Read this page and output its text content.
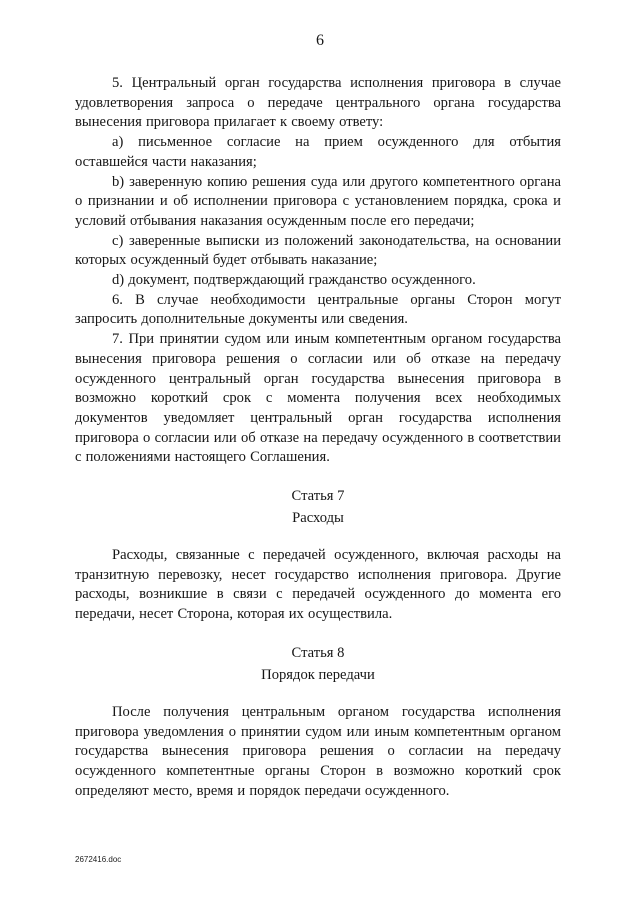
6

5. Центральный орган государства исполнения приговора в случае удовлетворения запроса о передаче центрального органа государства вынесения приговора прилагает к своему ответу:

a) письменное согласие на прием осужденного для отбытия оставшейся части наказания;

b) заверенную копию решения суда или другого компетентного органа о признании и об исполнении приговора с установлением порядка, срока и условий отбывания наказания осужденным после его передачи;

c) заверенные выписки из положений законодательства, на основании которых осужденный будет отбывать наказание;

d) документ, подтверждающий гражданство осужденного.

6. В случае необходимости центральные органы Сторон могут запросить дополнительные документы или сведения.

7. При принятии судом или иным компетентным органом государства вынесения приговора решения о согласии или об отказе на передачу осужденного центральный орган государства вынесения приговора в возможно короткий срок с момента получения всех необходимых документов уведомляет центральный орган государства исполнения приговора о согласии или об отказе на передачу осужденного в соответствии с положениями настоящего Соглашения.

Статья 7
Расходы

Расходы, связанные с передачей осужденного, включая расходы на транзитную перевозку, несет государство исполнения приговора. Другие расходы, возникшие в связи с передачей осужденного до момента его передачи, несет Сторона, которая их осуществила.

Статья 8
Порядок передачи

После получения центральным органом государства исполнения приговора уведомления о принятии судом или иным компетентным органом государства вынесения приговора решения о согласии на передачу осужденного компетентные органы Сторон в возможно короткий срок определяют место, время и порядок передачи осужденного.

2672416.doc
